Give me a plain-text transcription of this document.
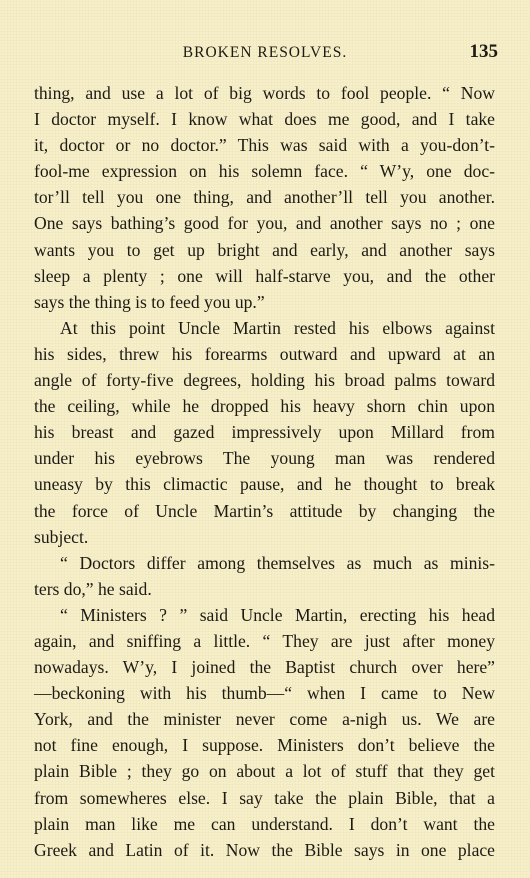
BROKEN RESOLVES.	135
thing, and use a lot of big words to fool people. “ Now
I doctor myself. I know what does me good, and I take
it, doctor or no doctor.” This was said with a you-don’t-
fool-me expression on his solemn face. “ W’y, one doc-
tor’ll tell you one thing, and another’ll tell you another.
One says bathing’s good for you, and another says no ; one
wants you to get up bright and early, and another says
sleep a plenty ; one will half-starve you, and the other
says the thing is to feed you up.”
At this point Uncle Martin rested his elbows against
his sides, threw his forearms outward and upward at an
angle of forty-five degrees, holding his broad palms toward
the ceiling, while he dropped his heavy shorn chin upon
his breast and gazed impressively upon Millard from
under his eyebrows The young man was rendered
uneasy by this climactic pause, and he thought to break
the force of Uncle Martin’s attitude by changing the
subject.
“ Doctors differ among themselves as much as minis-
ters do,” he said.
“ Ministers ? ” said Uncle Martin, erecting his head
again, and sniffing a little. “ They are just after money
nowadays. W’y, I joined the Baptist church over here”
—beckoning with his thumb—“ when I came to New
York, and the minister never come a-nigh us. We are
not fine enough, I suppose. Ministers don’t believe the
plain Bible ; they go on about a lot of stuff that they get
from somewheres else. I say take the plain Bible, that a
plain man like me can understand. I don’t want the
Greek and Latin of it. Now the Bible says in one place
